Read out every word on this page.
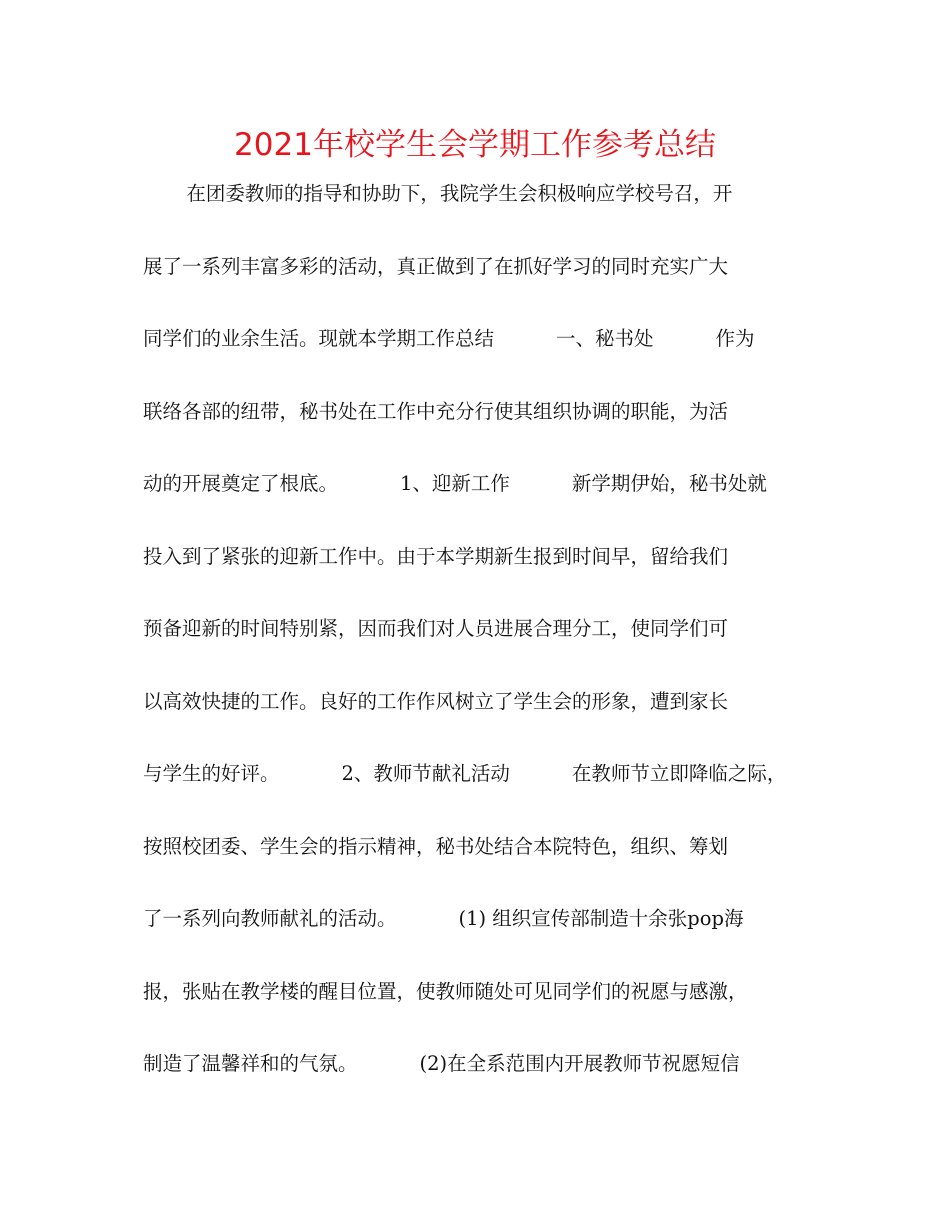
2021年校学生会学期工作参考总结
在团委教师的指导和协助下，我院学生会积极响应学校号召，开
展了一系列丰富多彩的活动，真正做到了在抓好学习的同时充实广大
同学们的业余生活。现就本学期工作总结          一、秘书处          作为
联络各部的纽带，秘书处在工作中充分行使其组织协调的职能，为活
动的开展奠定了根底。          1、迎新工作          新学期伊始，秘书处就
投入到了紧张的迎新工作中。由于本学期新生报到时间早，留给我们
预备迎新的时间特别紧，因而我们对人员进展合理分工，使同学们可
以高效快捷的工作。良好的工作作风树立了学生会的形象，遭到家长
与学生的好评。          2、教师节献礼活动          在教师节立即降临之际，
按照校团委、学生会的指示精神，秘书处结合本院特色，组织、筹划
了一系列向教师献礼的活动。          (1) 组织宣传部制造十余张pop海
报，张贴在教学楼的醒目位置，使教师随处可见同学们的祝愿与感激，
制造了温馨祥和的气氛。          (2)在全系范围内开展教师节祝愿短信
